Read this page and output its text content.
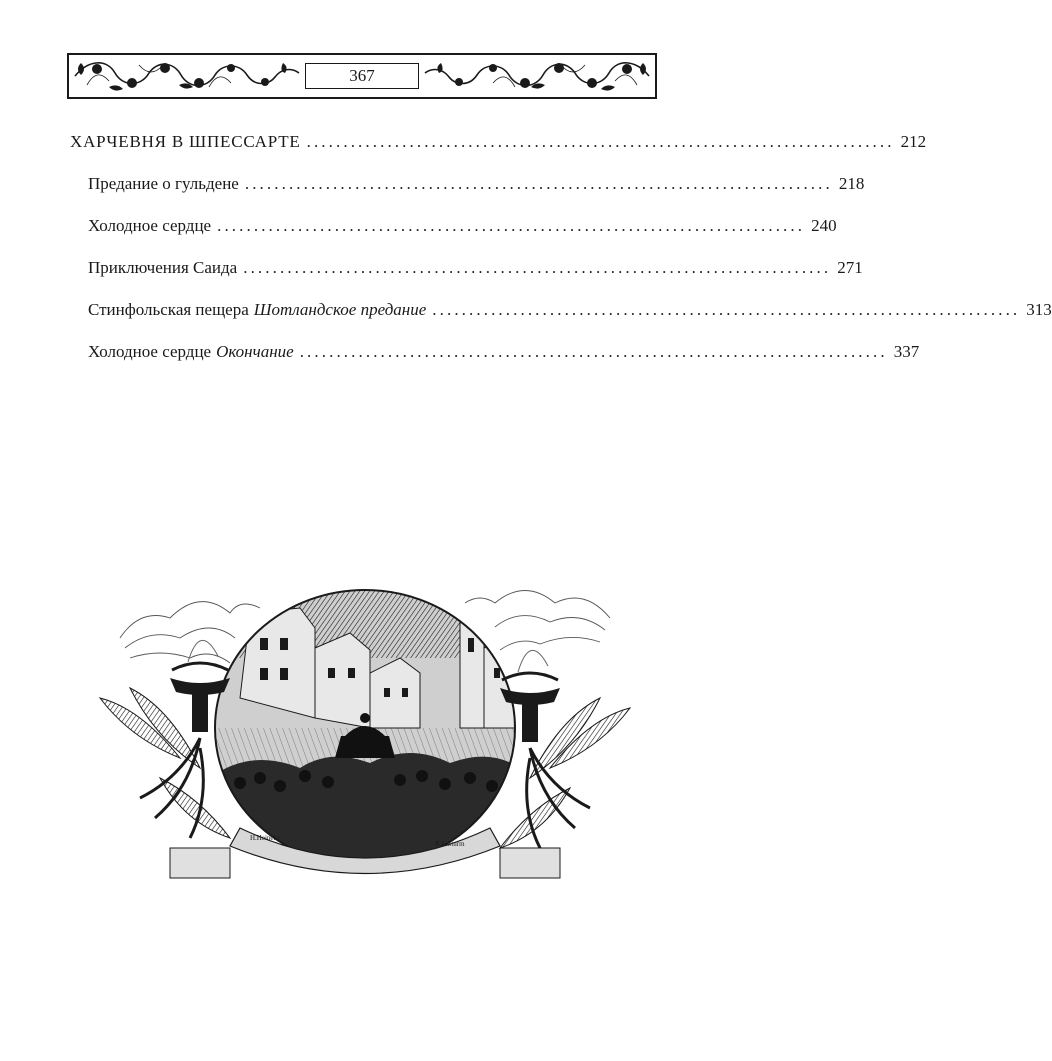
367
ХАРЧЕВНЯ В ШПЕССАРТЕ ................................................................................ 212
Предание о гульдене ................................................................................ 218
Холодное сердце ................................................................................ 240
Приключения Саида ................................................................................ 271
Стинфольская пещера Шотландское предание ................................................................................ 313
Холодное сердце Окончание ................................................................................ 337
H.Heineke
R.E.Sturm
